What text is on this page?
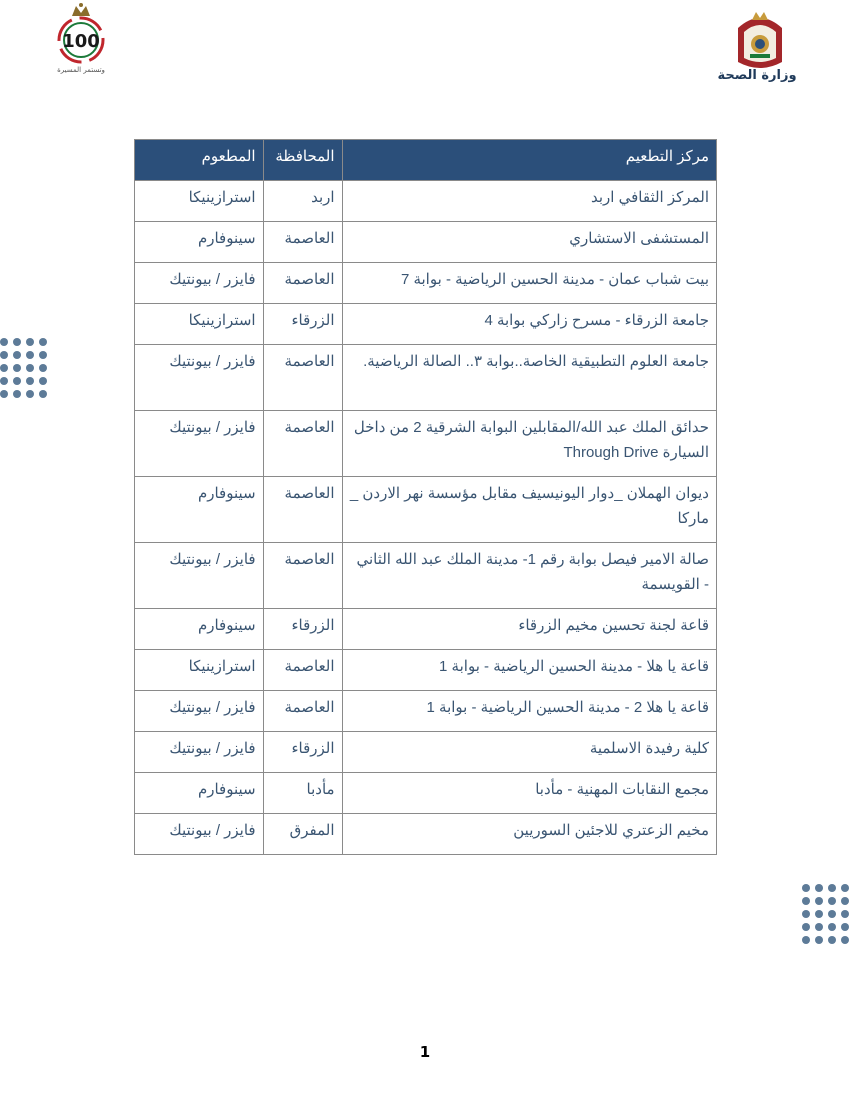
100
وتستمر المسيرة	وزارة الصحة
مركز التطعيم	المحافظة	المطعوم
المركز الثقافي اربد	اربد	استرازينيكا
المستشفى الاستشاري	العاصمة	سينوفارم
بيت شباب عمان - مدينة الحسين الرياضية - بوابة 7	العاصمة	فايزر / بيونتيك
جامعة الزرقاء - مسرح زاركي بوابة 4	الزرقاء	استرازينيكا
جامعة العلوم التطبيقية الخاصة..بوابة ٣.. الصالة الرياضية.	العاصمة	فايزر / بيونتيك
حدائق الملك عبد الله/المقابلين البوابة الشرقية 2 من داخل السيارة Through Drive	العاصمة	فايزر / بيونتيك
ديوان الهملان _دوار اليونيسيف مقابل مؤسسة نهر الاردن _ ماركا	العاصمة	سينوفارم
صالة الامير فيصل بوابة رقم 1- مدينة الملك عبد الله الثاني - القويسمة	العاصمة	فايزر / بيونتيك
قاعة لجنة تحسين مخيم الزرقاء	الزرقاء	سينوفارم
قاعة يا هلا - مدينة الحسين الرياضية - بوابة 1	العاصمة	استرازينيكا
قاعة يا هلا 2 - مدينة الحسين الرياضية - بوابة 1	العاصمة	فايزر / بيونتيك
كلية رفيدة الاسلمية	الزرقاء	فايزر / بيونتيك
مجمع النقابات المهنية - مأدبا	مأدبا	سينوفارم
مخيم الزعتري للاجئين السوريين	المفرق	فايزر / بيونتيك
1
